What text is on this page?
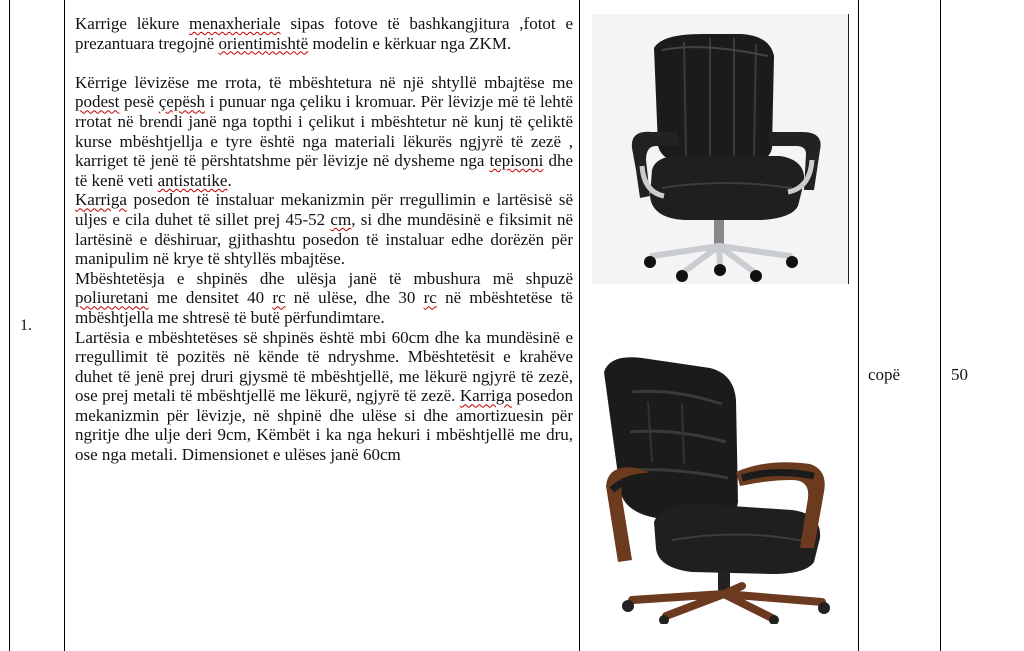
1.

Karrige lëkure menaxheriale sipas fotove të bashkangjitura ,fotot e prezantuara tregojnë orientimishtë modelin e kërkuar nga ZKM.

Kërrige lëvizëse me rrota, të mbështetura në një shtyllë mbajtëse me podest pesë çepësh i punuar nga çeliku i kromuar. Për lëvizje më të lehtë rrotat në brendi janë nga topthi i çelikut i mbështetur në kunj të çeliktë kurse mbështjellja e tyre është nga materiali lëkurës ngjyrë të zezë , karriget të jenë të përshtatshme për lëvizje në dysheme nga tepisoni dhe të kenë veti antistatike.

Karriga posedon të instaluar mekanizmin për rregullimin e lartësisë së uljes e cila duhet të sillet prej 45-52 cm, si dhe mundësinë e fiksimit në lartësinë e dëshiruar, gjithashtu posedon të instaluar edhe dorëzën për manipulim në krye të shtyllës mbajtëse.

Mbështetësja e shpinës dhe ulësja janë të mbushura më shpuzë poliuretani me densitet 40 rc në ulëse, dhe 30 rc në mbështetëse të mbështjella me shtresë të butë përfundimtare.

Lartësia e mbështetëses së shpinës është mbi 60cm dhe ka mundësinë e rregullimit të pozitës në kënde të ndryshme. Mbështetësit e krahëve duhet të jenë prej druri gjysmë të mbështjellë, me lëkurë ngjyrë të zezë, ose prej metali të mbështjellë me lëkurë, ngjyrë të zezë. Karriga posedon mekanizmin për lëvizje, në shpinë dhe ulëse si dhe amortizuesin për ngritje dhe ulje deri 9cm, Këmbët i ka nga hekuri i mbështjellë me dru, ose nga metali. Dimensionet e ulëses janë 60cm

copë	50
